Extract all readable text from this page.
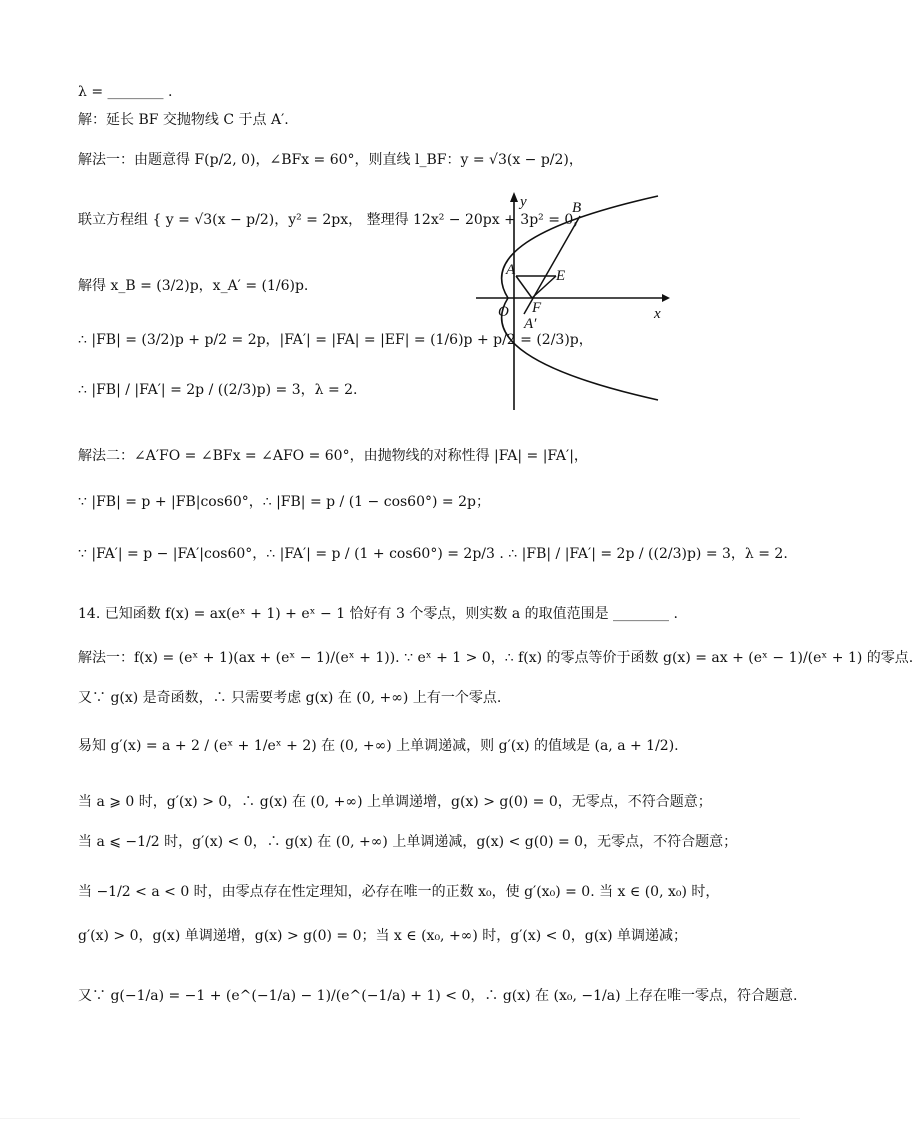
λ = ________ .
解：延长 BF 交抛物线 C 于点 A′.
解法一：由题意得 F(p/2, 0)，∠BFx = 60°，则直线 l_BF：y = √3(x − p/2)，
联立方程组 { y = √3(x − p/2)，y² = 2px， 整理得 12x² − 20px + 3p² = 0，
解得 x_B = (3/2)p，x_A′ = (1/6)p.
∴ |FB| = (3/2)p + p/2 = 2p，|FA′| = |FA| = |EF| = (1/6)p + p/2 = (2/3)p，
∴ |FB| / |FA′| = 2p / ((2/3)p) = 3，λ = 2.
解法二：∠A′FO = ∠BFx = ∠AFO = 60°，由抛物线的对称性得 |FA| = |FA′|，
∵ |FB| = p + |FB|cos60°，∴ |FB| = p / (1 − cos60°) = 2p；
∵ |FA′| = p − |FA′|cos60°，∴ |FA′| = p / (1 + cos60°) = 2p/3 . ∴ |FB| / |FA′| = 2p / ((2/3)p) = 3，λ = 2.
14. 已知函数 f(x) = ax(eˣ + 1) + eˣ − 1 恰好有 3 个零点，则实数 a 的取值范围是 ________ .
解法一：f(x) = (eˣ + 1)(ax + (eˣ − 1)/(eˣ + 1)). ∵ eˣ + 1 > 0，∴ f(x) 的零点等价于函数 g(x) = ax + (eˣ − 1)/(eˣ + 1) 的零点.
又∵ g(x) 是奇函数，∴ 只需要考虑 g(x) 在 (0, +∞) 上有一个零点.
易知 g′(x) = a + 2 / (eˣ + 1/eˣ + 2) 在 (0, +∞) 上单调递减，则 g′(x) 的值域是 (a, a + 1/2).
当 a ⩾ 0 时，g′(x) > 0，∴ g(x) 在 (0, +∞) 上单调递增，g(x) > g(0) = 0，无零点，不符合题意；
当 a ⩽ −1/2 时，g′(x) < 0，∴ g(x) 在 (0, +∞) 上单调递减，g(x) < g(0) = 0，无零点，不符合题意；
当 −1/2 < a < 0 时，由零点存在性定理知，必存在唯一的正数 x₀，使 g′(x₀) = 0. 当 x ∈ (0, x₀) 时，
g′(x) > 0，g(x) 单调递增，g(x) > g(0) = 0；当 x ∈ (x₀, +∞) 时，g′(x) < 0，g(x) 单调递减；
又∵ g(−1/a) = −1 + (e^(−1/a) − 1)/(e^(−1/a) + 1) < 0，∴ g(x) 在 (x₀, −1/a) 上存在唯一零点，符合题意.
x
y
O
A
B
E
F
A′
